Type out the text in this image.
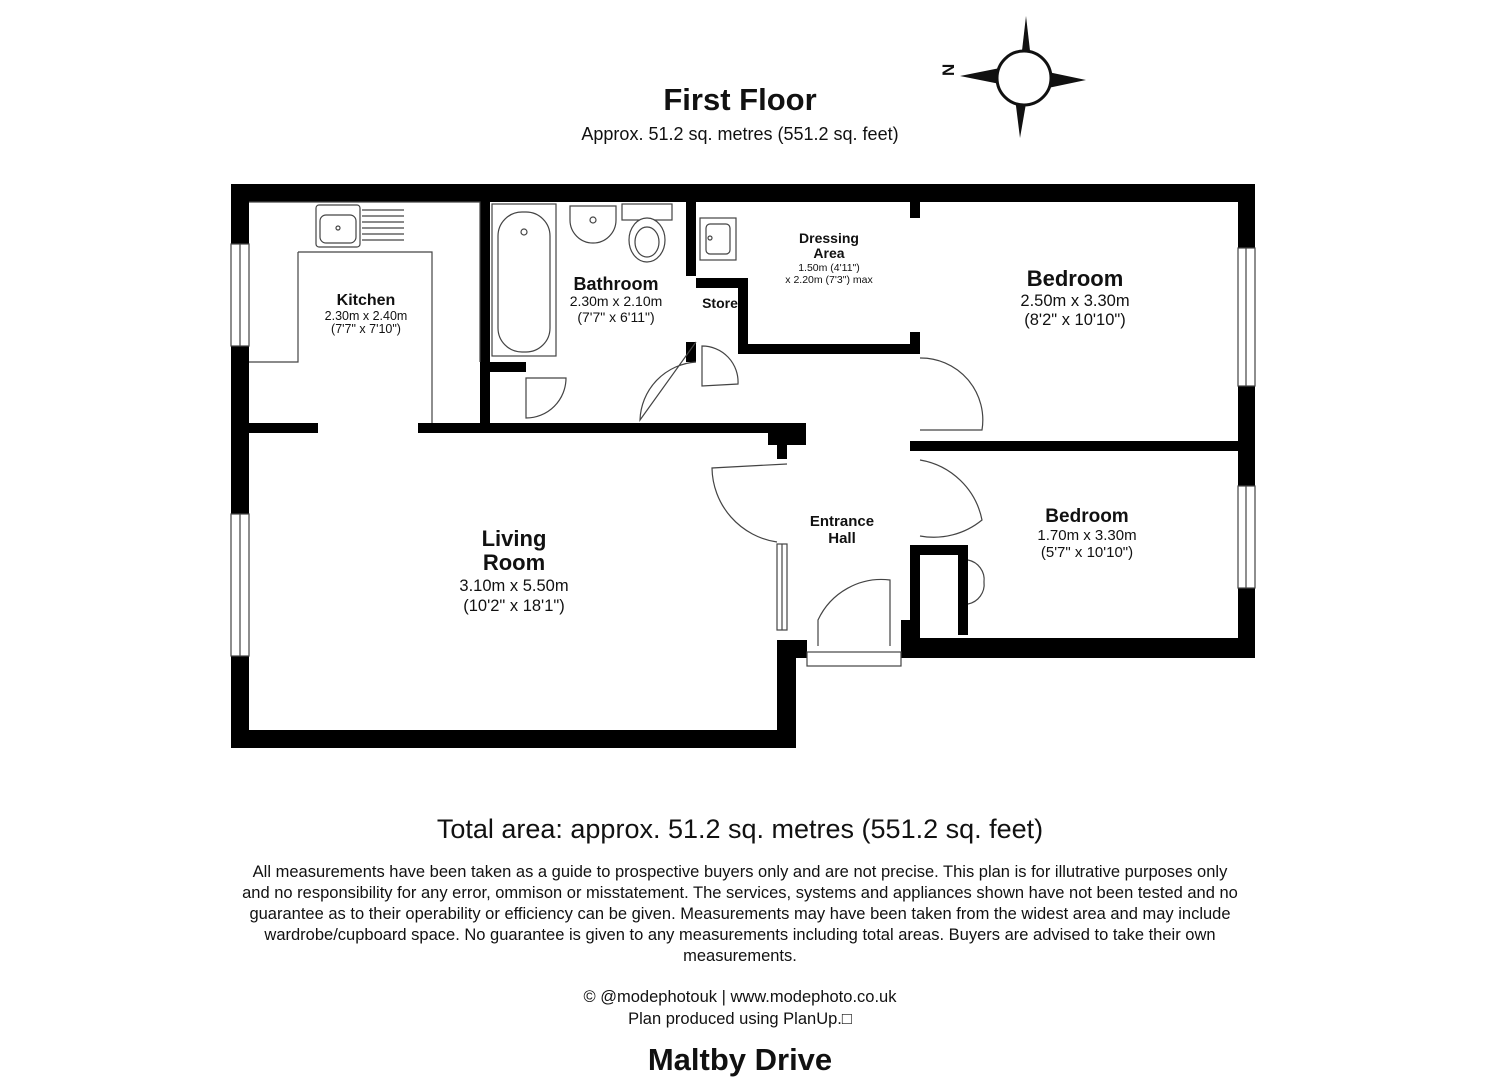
First Floor
Approx. 51.2 sq. metres (551.2 sq. feet)
N
Kitchen
2.30m x 2.40m
(7'7" x 7'10")
Bathroom
2.30m x 2.10m
(7'7" x 6'11")
Store
Dressing
Area
1.50m (4'11")
x 2.20m (7'3") max	Bedroom
2.50m x 3.30m
(8'2" x 10'10")
Bedroom
1.70m x 3.30m
(5'7" x 10'10")
Living
Room
3.10m x 5.50m
(10'2" x 18'1")
Entrance
Hall
Total area: approx. 51.2 sq. metres (551.2 sq. feet)
All measurements have been taken as a guide to prospective buyers only and are not precise. This plan is for illutrative purposes only and no responsibility for any error, ommison or misstatement. The services, systems and appliances shown have not been tested and no guarantee as to their operability or efficiency can be given. Measurements may have been taken from the widest area and may include wardrobe/cupboard space. No guarantee is given to any measurements including total areas. Buyers are advised to take their own measurements.
© @modephotouk | www.modephoto.co.uk
Plan produced using PlanUp.□
Maltby Drive
